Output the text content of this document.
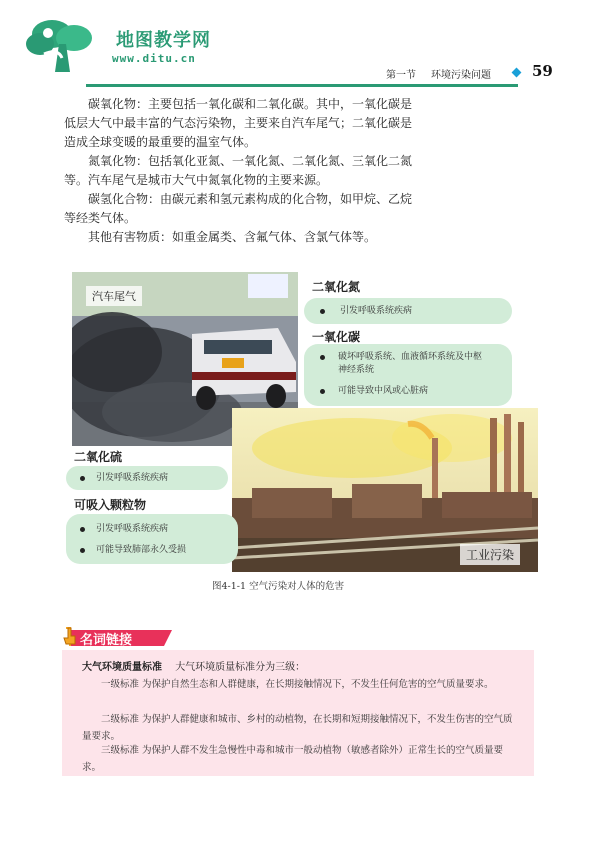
地图教学网
www.ditu.cn
第一节 环境污染问题	59

碳氧化物：主要包括一氧化碳和二氧化碳。其中，一氧化碳是低层大气中最丰富的气态污染物，主要来自汽车尾气；二氧化碳是造成全球变暖的最重要的温室气体。

氮氧化物：包括氧化亚氮、一氧化氮、二氧化氮、三氧化二氮等。汽车尾气是城市大气中氮氧化物的主要来源。

碳氢化合物：由碳元素和氢元素构成的化合物，如甲烷、乙烷等经类气体。

其他有害物质：如重金属类、含氟气体、含氯气体等。

汽车尾气
工业污染
二氧化氮
引发呼吸系统疾病
一氧化碳
破坏呼吸系统、血液循环系统及中枢
神经系统
可能导致中风或心脏病
二氧化硫
引发呼吸系统疾病
可吸入颗粒物
引发呼吸系统疾病
可能导致肺部永久受损
图4-1-1 空气污染对人体的危害
名词链接
大气环境质量标准 大气环境质量标准分为三级：
一级标准 为保护自然生态和人群健康，在长期接触情况下，不发生任何危害的空气质量要求。
二级标准 为保护人群健康和城市、乡村的动植物，在长期和短期接触情况下，不发生伤害的空气质量要求。
三级标准 为保护人群不发生急慢性中毒和城市一般动植物（敏感者除外）正常生长的空气质量要求。
